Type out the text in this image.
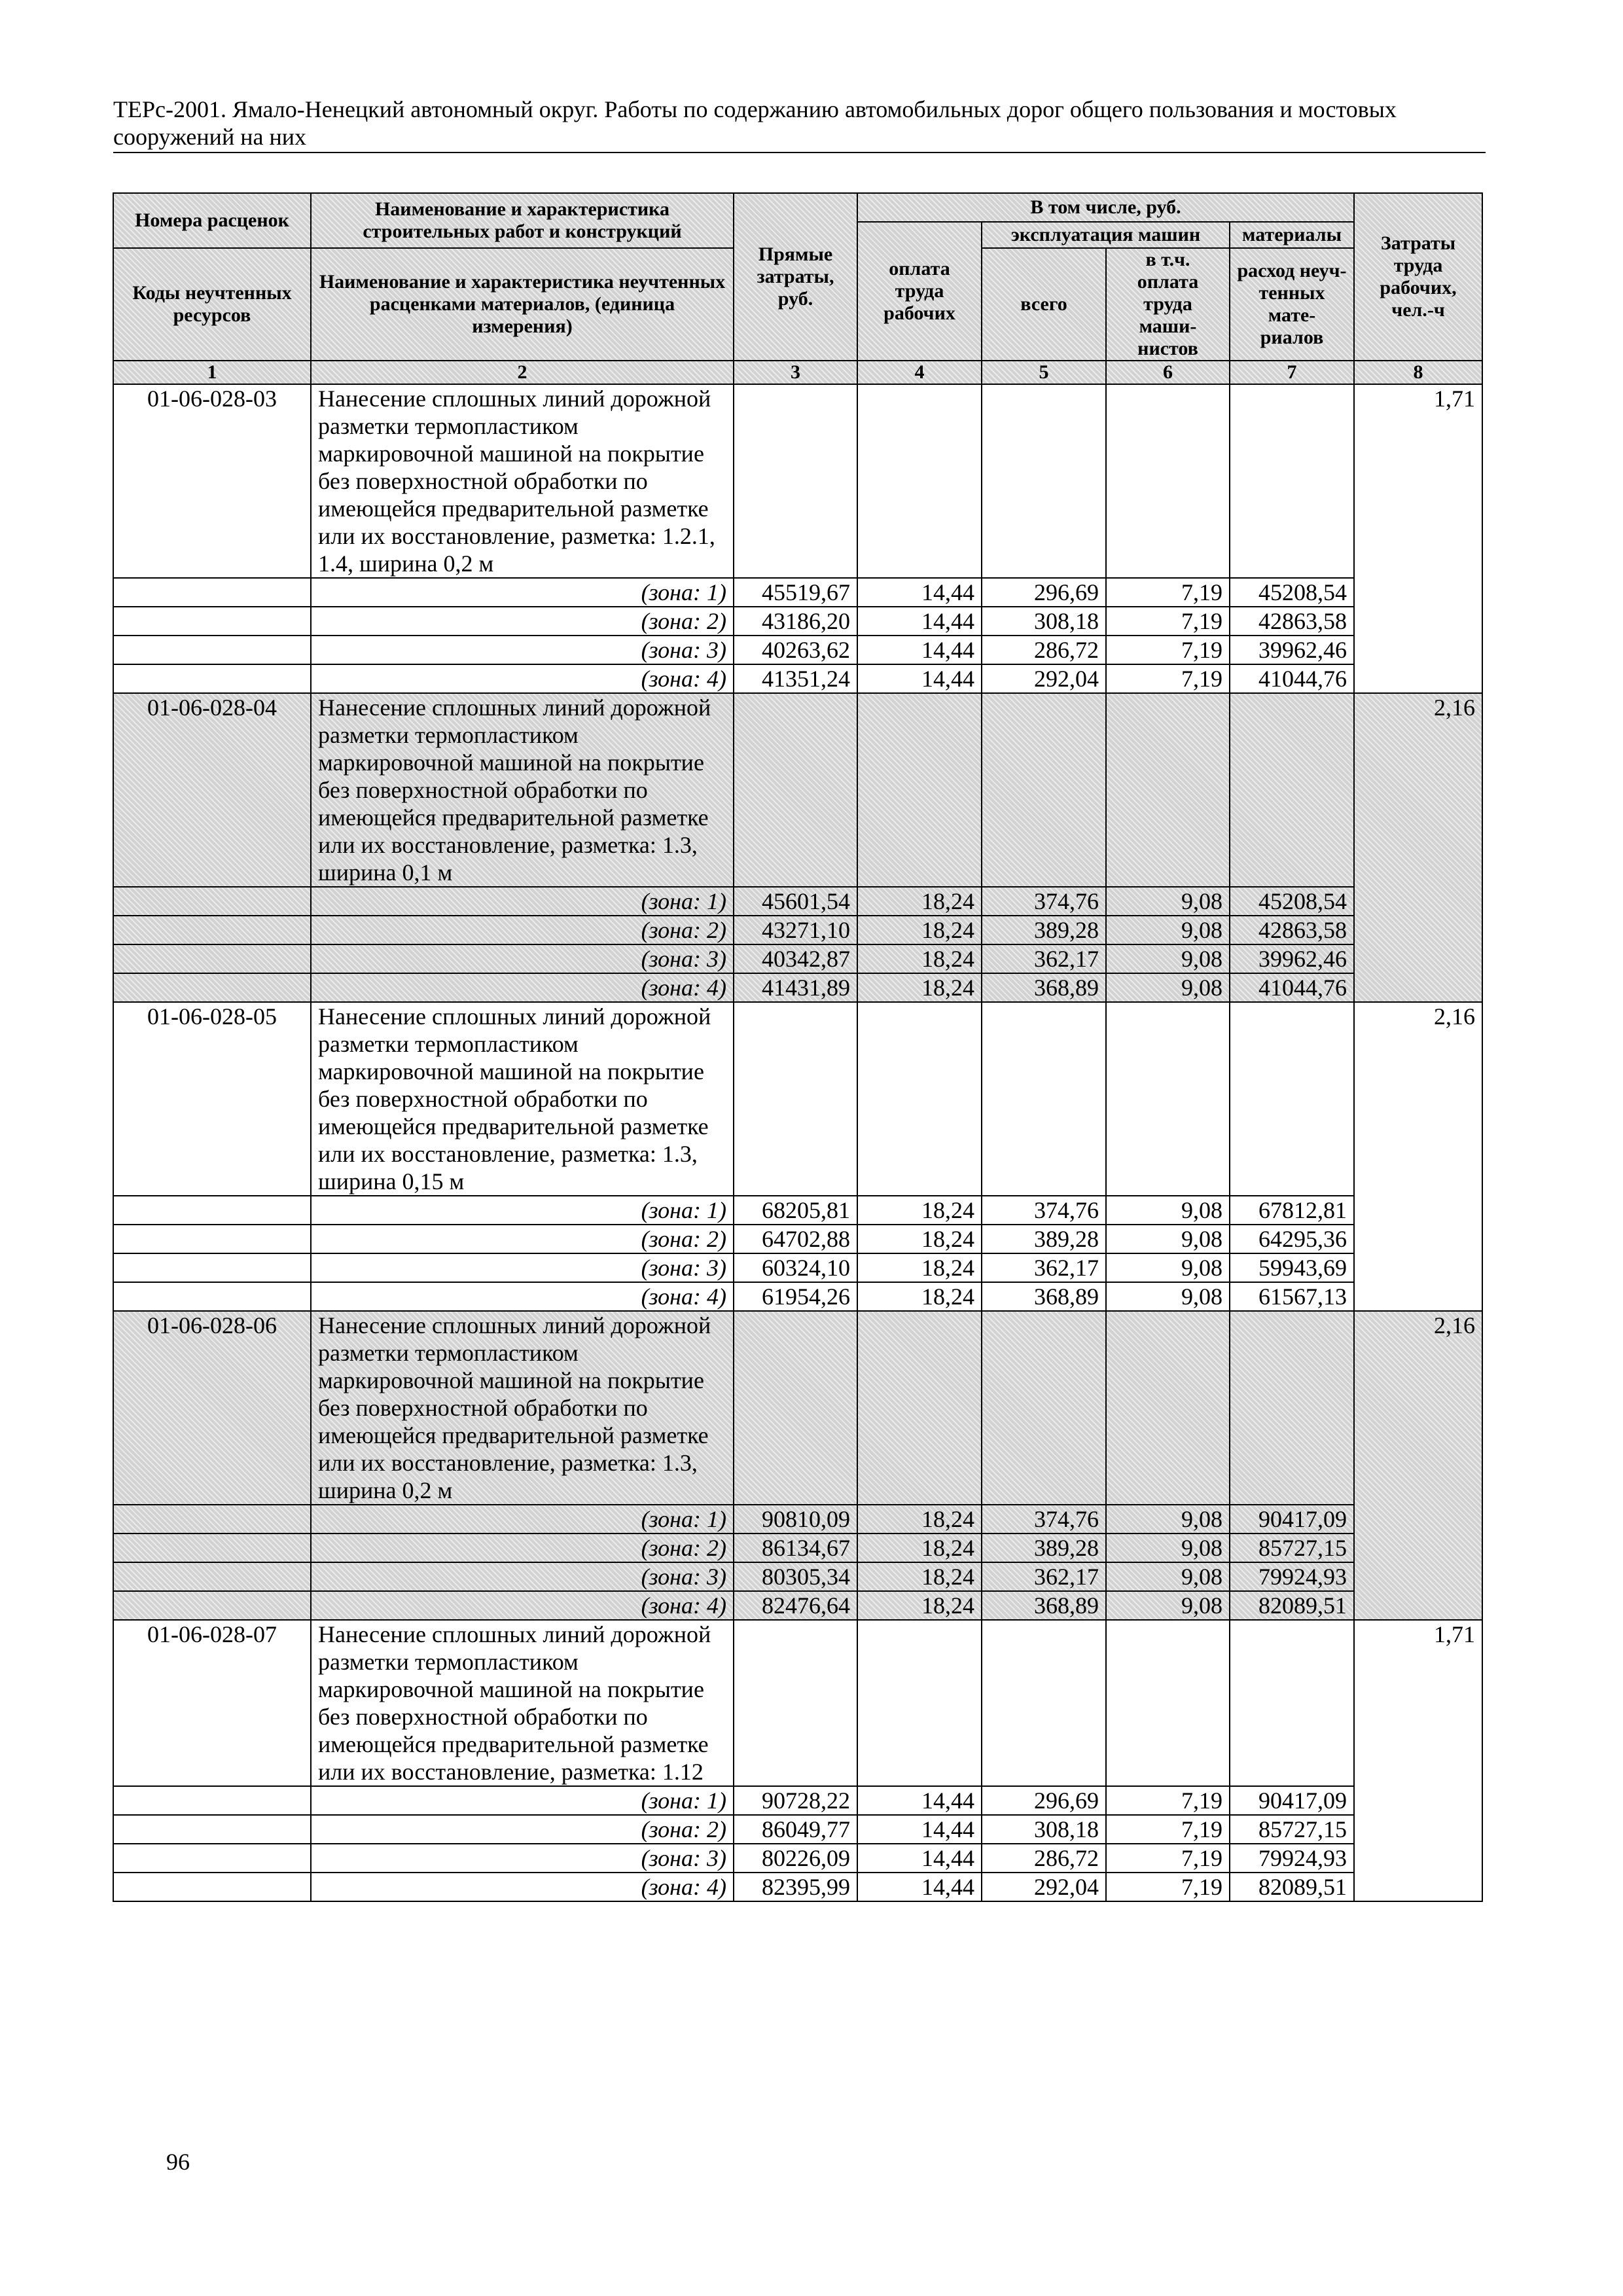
ТЕРс-2001. Ямало-Ненецкий автономный округ. Работы по содержанию автомобильных дорог общего пользования и мостовых сооружений на них
Номера расценок	Наименование и характеристика строительных работ и конструкций	Прямые затраты, руб.	В том числе, руб.				Затраты труда рабочих, чел.-ч
			оплата труда рабочих	эксплуатация машин		материалы	
Коды неучтенных ресурсов	Наименование и характеристика неучтенных расценками материалов, (единица измерения)			всего	в т.ч. оплата труда маши-нистов	расход неуч-тенных мате-риалов	

1	2	3	4	5	6	7	8
01-06-028-03	Нанесение сплошных линий дорожной разметки термопластиком маркировочной машиной на покрытие без поверхностной обработки по имеющейся предварительной разметке или их восстановление, разметка: 1.2.1, 1.4, ширина 0,2 м						1,71
	(зона: 1)	45519,67	14,44	296,69	7,19	45208,54	
	(зона: 2)	43186,20	14,44	308,18	7,19	42863,58	
	(зона: 3)	40263,62	14,44	286,72	7,19	39962,46	
	(зона: 4)	41351,24	14,44	292,04	7,19	41044,76	
01-06-028-04	Нанесение сплошных линий дорожной разметки термопластиком маркировочной машиной на покрытие без поверхностной обработки по имеющейся предварительной разметке или их восстановление, разметка: 1.3, ширина 0,1 м						2,16
	(зона: 1)	45601,54	18,24	374,76	9,08	45208,54	
	(зона: 2)	43271,10	18,24	389,28	9,08	42863,58	
	(зона: 3)	40342,87	18,24	362,17	9,08	39962,46	
	(зона: 4)	41431,89	18,24	368,89	9,08	41044,76	
01-06-028-05	Нанесение сплошных линий дорожной разметки термопластиком маркировочной машиной на покрытие без поверхностной обработки по имеющейся предварительной разметке или их восстановление, разметка: 1.3, ширина 0,15 м						2,16
	(зона: 1)	68205,81	18,24	374,76	9,08	67812,81	
	(зона: 2)	64702,88	18,24	389,28	9,08	64295,36	
	(зона: 3)	60324,10	18,24	362,17	9,08	59943,69	
	(зона: 4)	61954,26	18,24	368,89	9,08	61567,13	
01-06-028-06	Нанесение сплошных линий дорожной разметки термопластиком маркировочной машиной на покрытие без поверхностной обработки по имеющейся предварительной разметке или их восстановление, разметка: 1.3, ширина 0,2 м						2,16
	(зона: 1)	90810,09	18,24	374,76	9,08	90417,09	
	(зона: 2)	86134,67	18,24	389,28	9,08	85727,15	
	(зона: 3)	80305,34	18,24	362,17	9,08	79924,93	
	(зона: 4)	82476,64	18,24	368,89	9,08	82089,51	
01-06-028-07	Нанесение сплошных линий дорожной разметки термопластиком маркировочной машиной на покрытие без поверхностной обработки по имеющейся предварительной разметке или их восстановление, разметка: 1.12						1,71
	(зона: 1)	90728,22	14,44	296,69	7,19	90417,09	
	(зона: 2)	86049,77	14,44	308,18	7,19	85727,15	
	(зона: 3)	80226,09	14,44	286,72	7,19	79924,93	
	(зона: 4)	82395,99	14,44	292,04	7,19	82089,51	
96
